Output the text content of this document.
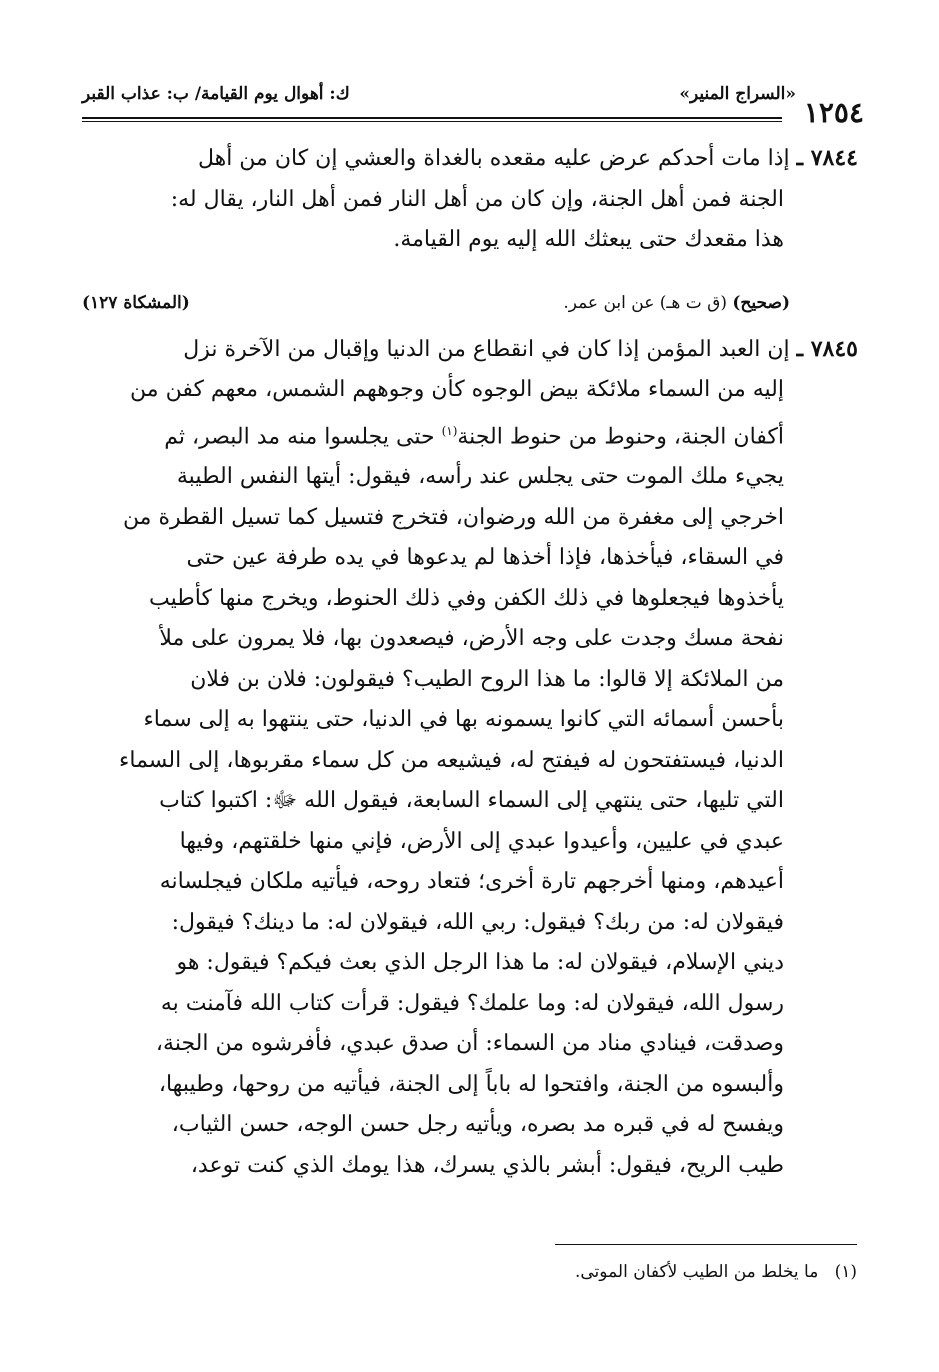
١٢٥٤
«السراج المنير»
ك: أهوال يوم القيامة/ ب: عذاب القبر
٧٨٤٤ ـ إذا مات أحدكم عرض عليه مقعده بالغداة والعشي إن كان من أهل
الجنة فمن أهل الجنة، وإن كان من أهل النار فمن أهل النار، يقال له:
هذا مقعدك حتى يبعثك الله إليه يوم القيامة.
(صحيح) (ق ت هـ) عن ابن عمر.
(المشكاة ١٢٧)
٧٨٤٥ ـ إن العبد المؤمن إذا كان في انقطاع من الدنيا وإقبال من الآخرة نزل
إليه من السماء ملائكة بيض الوجوه كأن وجوههم الشمس، معهم كفن من
أكفان الجنة، وحنوط من حنوط الجنة$^{(١)}$ حتى يجلسوا منه مد البصر، ثم
يجيء ملك الموت حتى يجلس عند رأسه، فيقول: أيتها النفس الطيبة
اخرجي إلى مغفرة من الله ورضوان، فتخرج فتسيل كما تسيل القطرة من
في السقاء، فيأخذها، فإذا أخذها لم يدعوها في يده طرفة عين حتى
يأخذوها فيجعلوها في ذلك الكفن وفي ذلك الحنوط، ويخرج منها كأطيب
نفحة مسك وجدت على وجه الأرض، فيصعدون بها، فلا يمرون على ملأ
من الملائكة إلا قالوا: ما هذا الروح الطيب؟ فيقولون: فلان بن فلان
بأحسن أسمائه التي كانوا يسمونه بها في الدنيا، حتى ينتهوا به إلى سماء
الدنيا، فيستفتحون له فيفتح له، فيشيعه من كل سماء مقربوها، إلى السماء
التي تليها، حتى ينتهي إلى السماء السابعة، فيقول الله ﷻ: اكتبوا كتاب
عبدي في عليين، وأعيدوا عبدي إلى الأرض، فإني منها خلقتهم، وفيها
أعيدهم، ومنها أخرجهم تارة أخرى؛ فتعاد روحه، فيأتيه ملكان فيجلسانه
فيقولان له: من ربك؟ فيقول: ربي الله، فيقولان له: ما دينك؟ فيقول:
ديني الإسلام، فيقولان له: ما هذا الرجل الذي بعث فيكم؟ فيقول: هو
رسول الله، فيقولان له: وما علمك؟ فيقول: قرأت كتاب الله فآمنت به
وصدقت، فينادي مناد من السماء: أن صدق عبدي، فأفرشوه من الجنة،
وألبسوه من الجنة، وافتحوا له باباً إلى الجنة، فيأتيه من روحها، وطيبها،
ويفسح له في قبره مد بصره، ويأتيه رجل حسن الوجه، حسن الثياب،
طيب الريح، فيقول: أبشر بالذي يسرك، هذا يومك الذي كنت توعد،
(١)   ما يخلط من الطيب لأكفان الموتى.
